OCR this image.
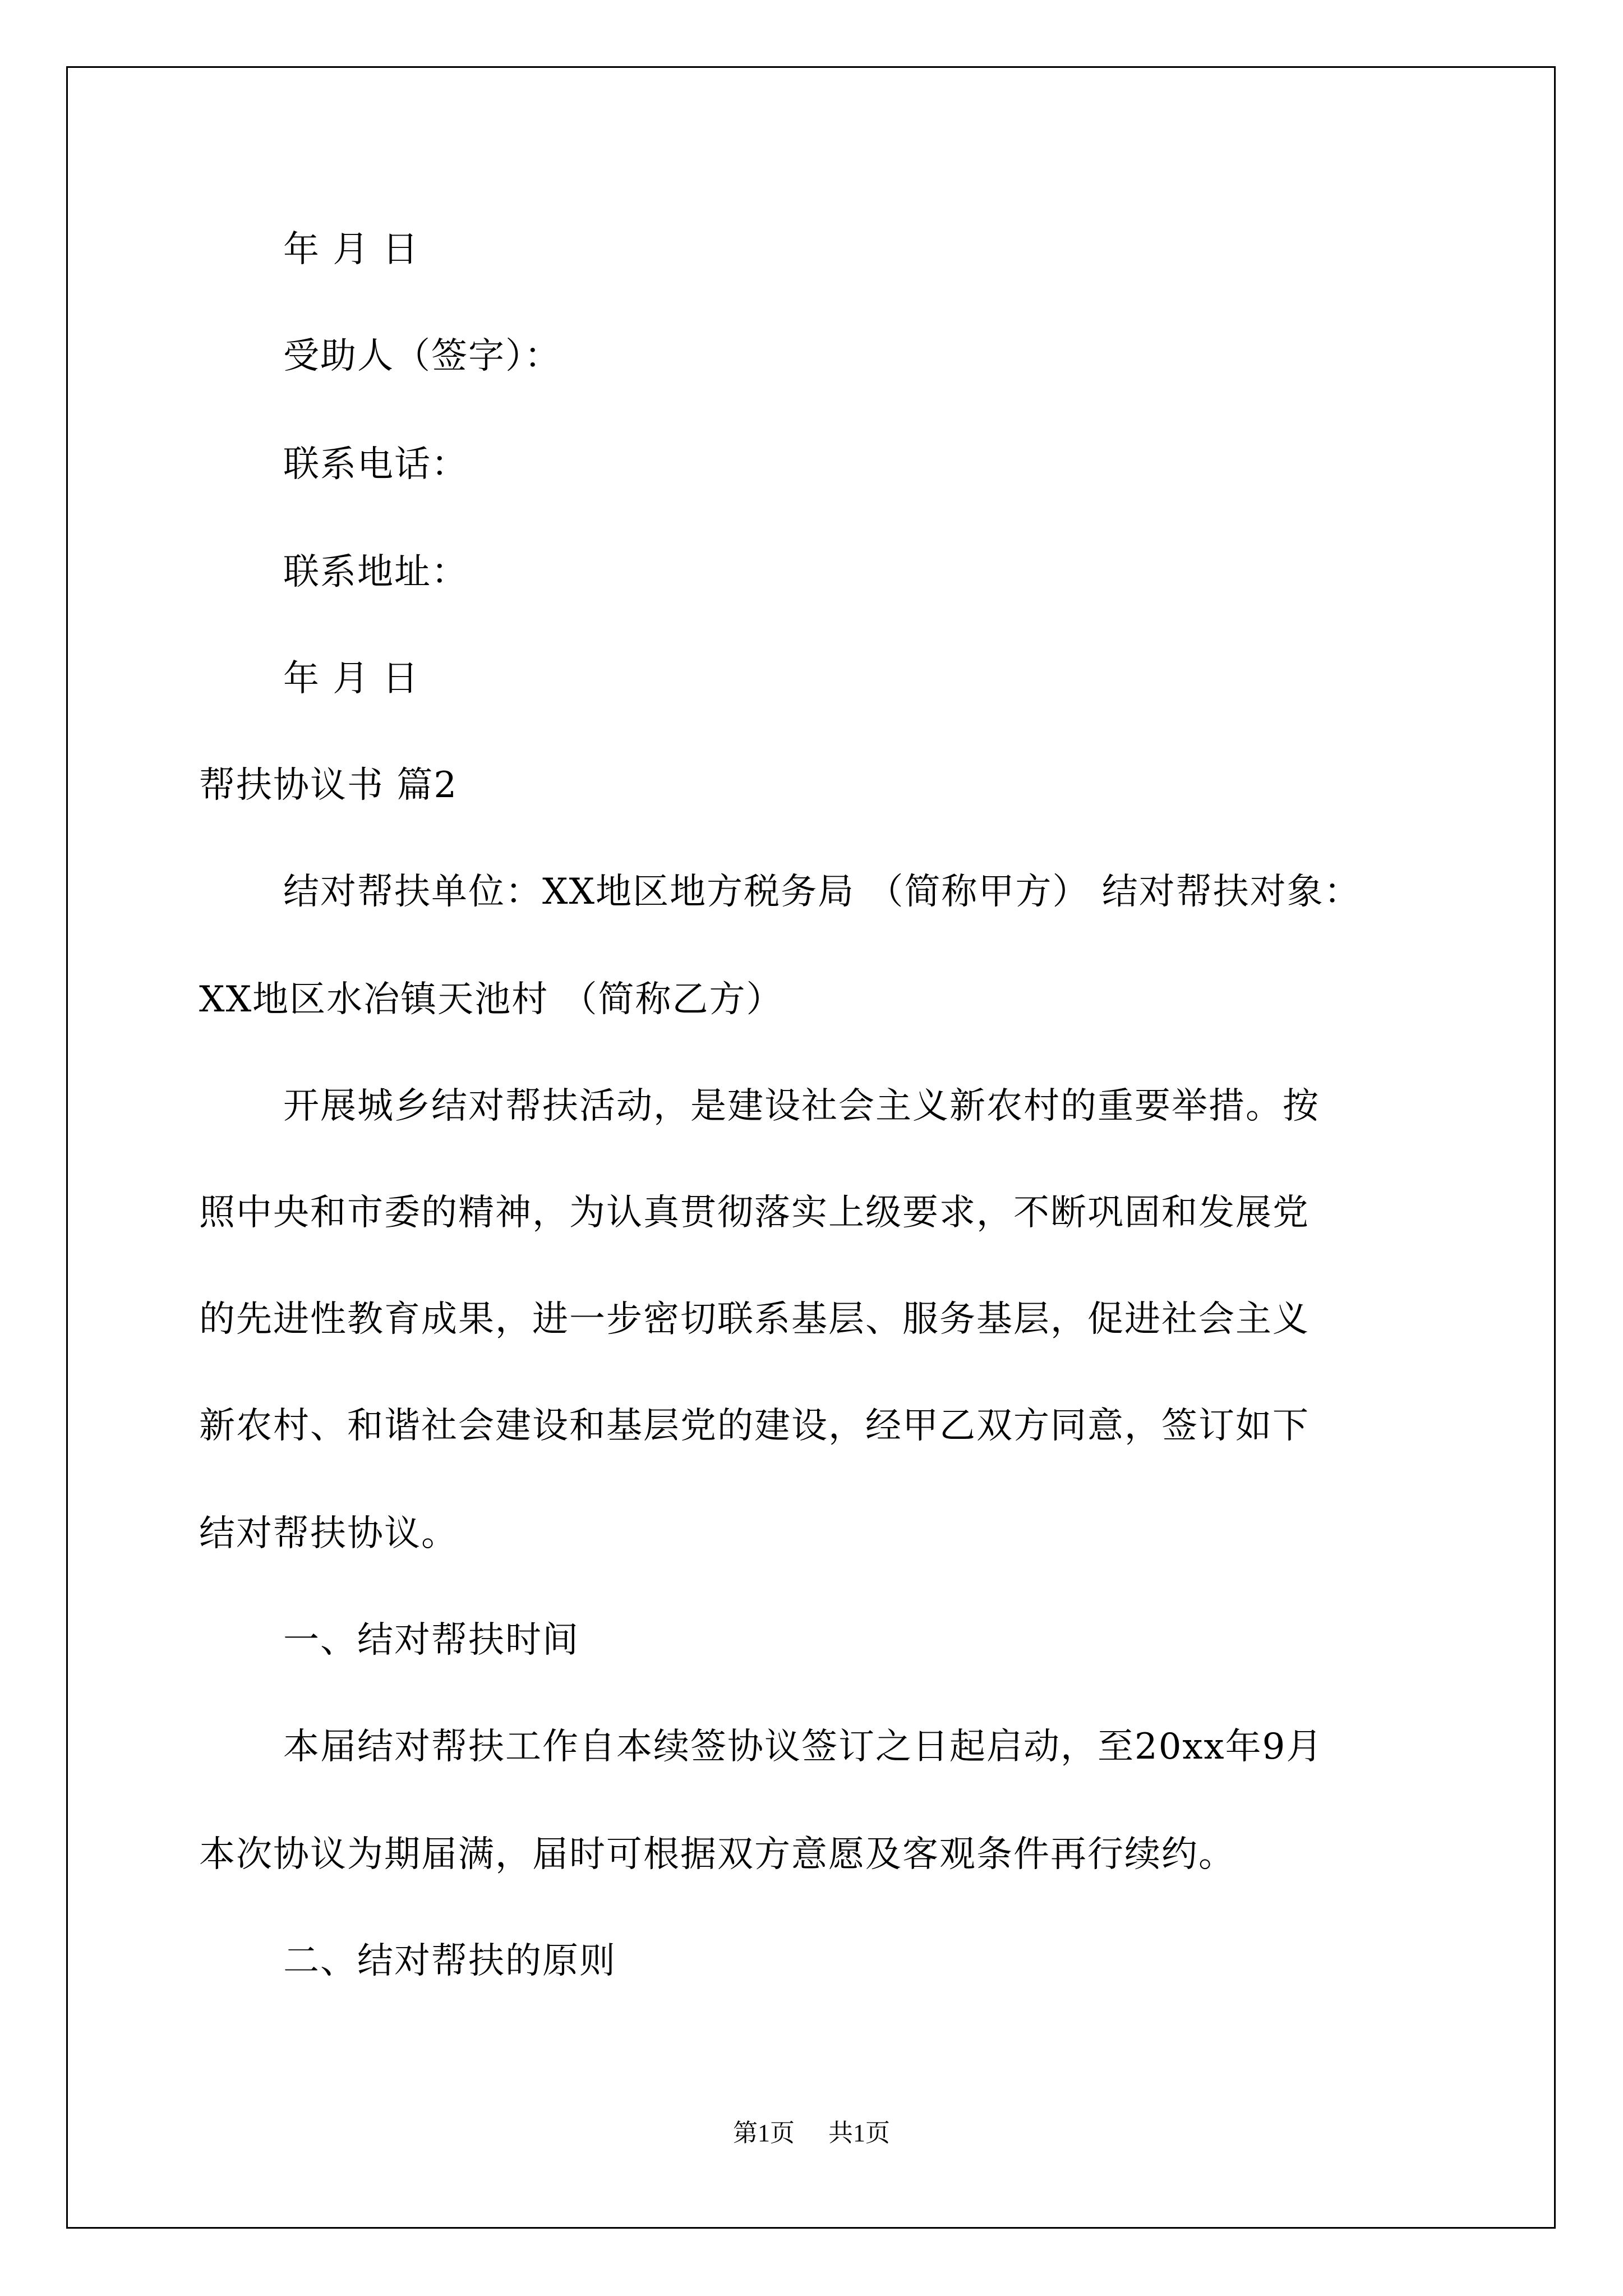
年 月 日
受助人（签字）：
联系电话：
联系地址：
年 月 日
帮扶协议书 篇2
结对帮扶单位：XX地区地方税务局 （简称甲方） 结对帮扶对象：
XX地区水冶镇天池村 （简称乙方）
开展城乡结对帮扶活动，是建设社会主义新农村的重要举措。按
照中央和市委的精神，为认真贯彻落实上级要求，不断巩固和发展党
的先进性教育成果，进一步密切联系基层、服务基层，促进社会主义
新农村、和谐社会建设和基层党的建设，经甲乙双方同意，签订如下
结对帮扶协议。
一、结对帮扶时间
本届结对帮扶工作自本续签协议签订之日起启动，至20xx年9月
本次协议为期届满，届时可根据双方意愿及客观条件再行续约。
二、结对帮扶的原则
第1页 共1页
